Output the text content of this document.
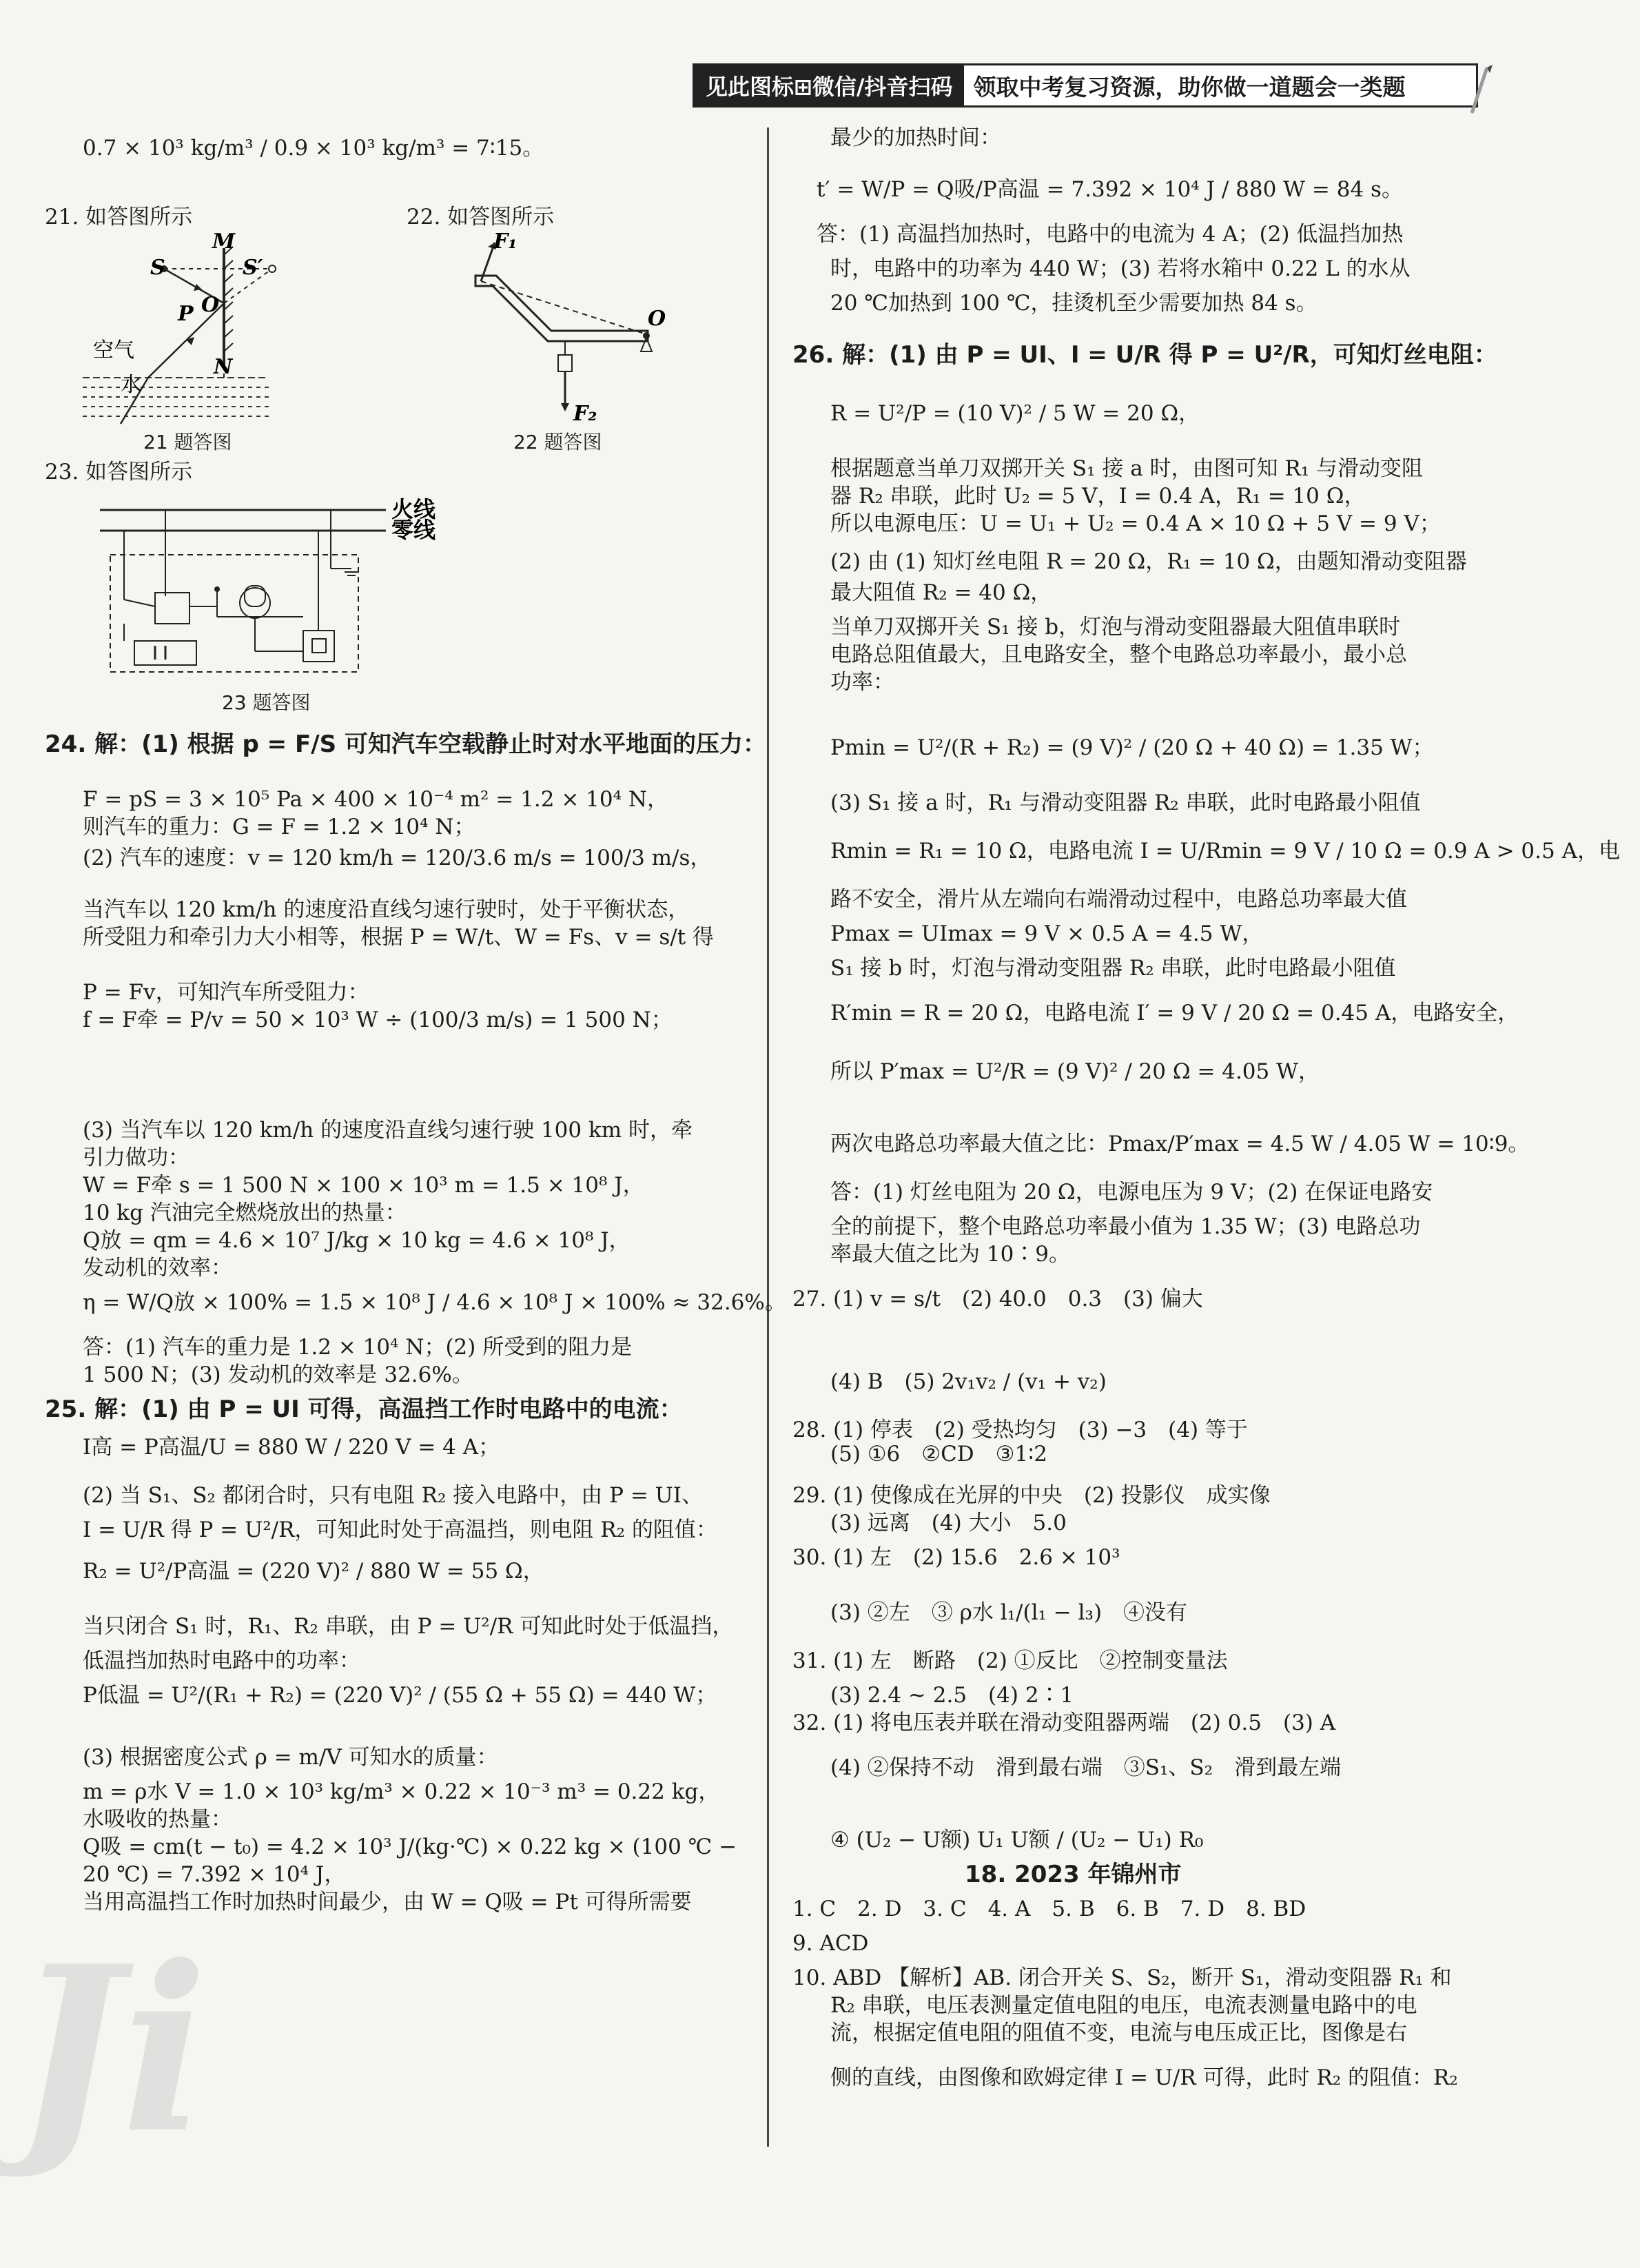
见此图标⊞微信/抖音扫码 领取中考复习资源，助你做一道题会一类题
0.7 × 10³ kg/m³ / 0.9 × 10³ kg/m³ = 7∶15。
21. 如答图所示	22. 如答图所示
23. 如答图所示
24. 解：(1) 根据 p = F/S 可知汽车空载静止时对水平地面的压力：
F = pS = 3 × 10⁵ Pa × 400 × 10⁻⁴ m² = 1.2 × 10⁴ N，
则汽车的重力：G = F = 1.2 × 10⁴ N；
(2) 汽车的速度：v = 120 km/h = 120/3.6 m/s = 100/3 m/s，
当汽车以 120 km/h 的速度沿直线匀速行驶时，处于平衡状态，
所受阻力和牵引力大小相等，根据 P = W/t、W = Fs、v = s/t 得
P = Fv，可知汽车所受阻力：
f = F牵 = P/v = 50 × 10³ W ÷ (100/3 m/s) = 1 500 N；
(3) 当汽车以 120 km/h 的速度沿直线匀速行驶 100 km 时，牵
引力做功：
W = F牵 s = 1 500 N × 100 × 10³ m = 1.5 × 10⁸ J，
10 kg 汽油完全燃烧放出的热量：
Q放 = qm = 4.6 × 10⁷ J/kg × 10 kg = 4.6 × 10⁸ J，
发动机的效率：
η = W/Q放 × 100% = 1.5 × 10⁸ J / 4.6 × 10⁸ J × 100% ≈ 32.6%。
答：(1) 汽车的重力是 1.2 × 10⁴ N；(2) 所受到的阻力是
1 500 N；(3) 发动机的效率是 32.6%。
25. 解：(1) 由 P = UI 可得，高温挡工作时电路中的电流：
I高 = P高温/U = 880 W / 220 V = 4 A；
(2) 当 S₁、S₂ 都闭合时，只有电阻 R₂ 接入电路中，由 P = UI、
I = U/R 得 P = U²/R，可知此时处于高温挡，则电阻 R₂ 的阻值：
R₂ = U²/P高温 = (220 V)² / 880 W = 55 Ω，
当只闭合 S₁ 时，R₁、R₂ 串联，由 P = U²/R 可知此时处于低温挡，
低温挡加热时电路中的功率：
P低温 = U²/(R₁ + R₂) = (220 V)² / (55 Ω + 55 Ω) = 440 W；
(3) 根据密度公式 ρ = m/V 可知水的质量：
m = ρ水 V = 1.0 × 10³ kg/m³ × 0.22 × 10⁻³ m³ = 0.22 kg，
水吸收的热量：
Q吸 = cm(t − t₀) = 4.2 × 10³ J/(kg·℃) × 0.22 kg × (100 ℃ −
20 ℃) = 7.392 × 10⁴ J，
当用高温挡工作时加热时间最少，由 W = Q吸 = Pt 可得所需要
最少的加热时间：
t′ = W/P = Q吸/P高温 = 7.392 × 10⁴ J / 880 W = 84 s。
答：(1) 高温挡加热时，电路中的电流为 4 A；(2) 低温挡加热
时，电路中的功率为 440 W；(3) 若将水箱中 0.22 L 的水从
20 ℃加热到 100 ℃，挂烫机至少需要加热 84 s。
26. 解：(1) 由 P = UI、I = U/R 得 P = U²/R，可知灯丝电阻：
R = U²/P = (10 V)² / 5 W = 20 Ω，
根据题意当单刀双掷开关 S₁ 接 a 时，由图可知 R₁ 与滑动变阻
器 R₂ 串联，此时 U₂ = 5 V，I = 0.4 A，R₁ = 10 Ω，
所以电源电压：U = U₁ + U₂ = 0.4 A × 10 Ω + 5 V = 9 V；
(2) 由 (1) 知灯丝电阻 R = 20 Ω，R₁ = 10 Ω，由题知滑动变阻器
最大阻值 R₂ = 40 Ω，
当单刀双掷开关 S₁ 接 b，灯泡与滑动变阻器最大阻值串联时
电路总阻值最大，且电路安全，整个电路总功率最小，最小总
功率：
Pmin = U²/(R + R₂) = (9 V)² / (20 Ω + 40 Ω) = 1.35 W；
(3) S₁ 接 a 时，R₁ 与滑动变阻器 R₂ 串联，此时电路最小阻值
Rmin = R₁ = 10 Ω，电路电流 I = U/Rmin = 9 V / 10 Ω = 0.9 A > 0.5 A，电
路不安全，滑片从左端向右端滑动过程中，电路总功率最大值
Pmax = UImax = 9 V × 0.5 A = 4.5 W，
S₁ 接 b 时，灯泡与滑动变阻器 R₂ 串联，此时电路最小阻值
R′min = R = 20 Ω，电路电流 I′ = 9 V / 20 Ω = 0.45 A，电路安全，
所以 P′max = U²/R = (9 V)² / 20 Ω = 4.05 W，
两次电路总功率最大值之比：Pmax/P′max = 4.5 W / 4.05 W = 10∶9。
答：(1) 灯丝电阻为 20 Ω，电源电压为 9 V；(2) 在保证电路安
全的前提下，整个电路总功率最小值为 1.35 W；(3) 电路总功
率最大值之比为 10∶9。
27. (1) v = s/t　(2) 40.0　0.3　(3) 偏大
(4) B　(5) 2v₁v₂ / (v₁ + v₂)
28. (1) 停表　(2) 受热均匀　(3) −3　(4) 等于
(5) ①6　②CD　③1∶2
29. (1) 使像成在光屏的中央　(2) 投影仪　成实像
(3) 远离　(4) 大小　5.0
30. (1) 左　(2) 15.6　2.6 × 10³
(3) ②左　③ ρ水 l₁/(l₁ − l₃)　④没有
31. (1) 左　断路　(2) ①反比　②控制变量法
(3) 2.4 ~ 2.5　(4) 2∶1
32. (1) 将电压表并联在滑动变阻器两端　(2) 0.5　(3) A
(4) ②保持不动　滑到最右端　③S₁、S₂　滑到最左端
④ (U₂ − U额) U₁ U额 / (U₂ − U₁) R₀
18. 2023 年锦州市
1. C　2. D　3. C　4. A　5. B　6. B　7. D　8. BD
9. ACD
10. ABD 【解析】AB. 闭合开关 S、S₂，断开 S₁，滑动变阻器 R₁ 和
R₂ 串联，电压表测量定值电阻的电压，电流表测量电路中的电
流，根据定值电阻的阻值不变，电流与电压成正比，图像是右
侧的直线，由图像和欧姆定律 I = U/R 可得，此时 R₂ 的阻值：R₂
M
S	S′
P O
N
空气
水
21 题答图
F₁
O
F₂
22 题答图
火线
零线
23 题答图
Ji
